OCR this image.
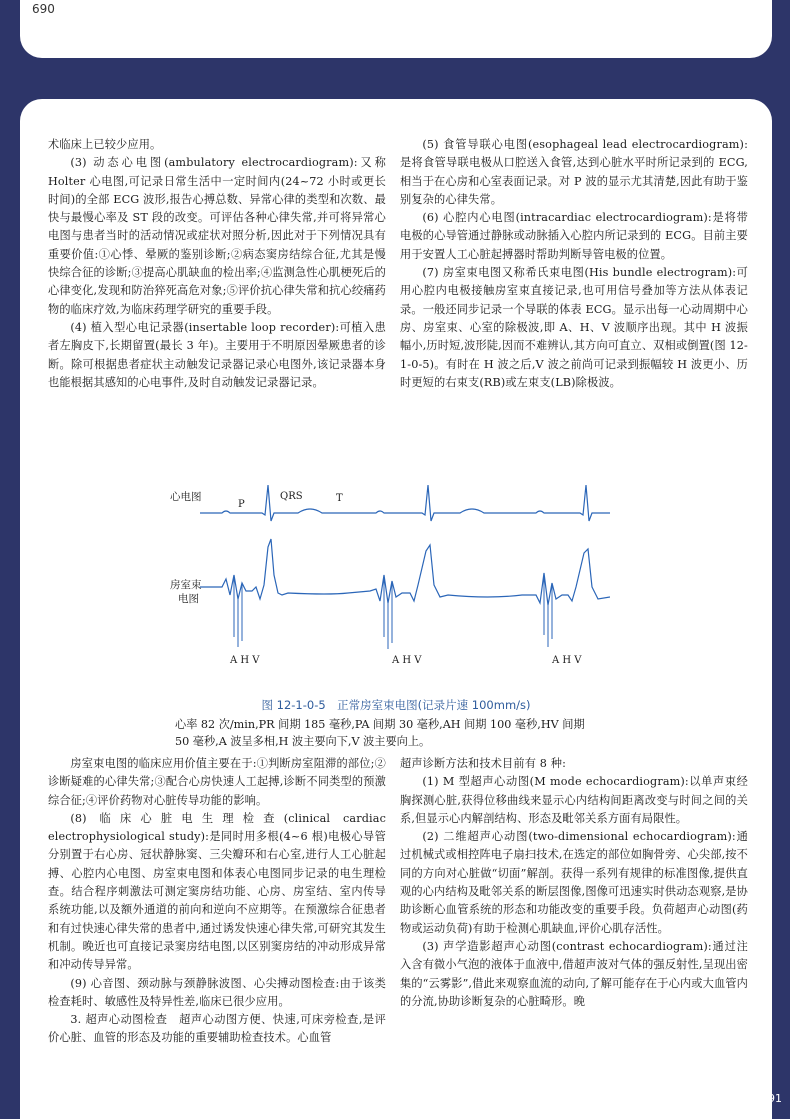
690

术临床上已较少应用。

(3) 动态心电图(ambulatory electrocardiogram):又称 Holter 心电图,可记录日常生活中一定时间内(24~72 小时或更长时间)的全部 ECG 波形,报告心搏总数、异常心律的类型和次数、最快与最慢心率及 ST 段的改变。可评估各种心律失常,并可将异常心电图与患者当时的活动情况或症状对照分析,因此对于下列情况具有重要价值:①心悸、晕厥的鉴别诊断;②病态窦房结综合征,尤其是慢快综合征的诊断;③提高心肌缺血的检出率;④监测急性心肌梗死后的心律变化,发现和防治猝死高危对象;⑤评价抗心律失常和抗心绞痛药物的临床疗效,为临床药理学研究的重要手段。

(4) 植入型心电记录器(insertable loop recorder):可植入患者左胸皮下,长期留置(最长 3 年)。主要用于不明原因晕厥患者的诊断。除可根据患者症状主动触发记录器记录心电图外,该记录器本身也能根据其感知的心电事件,及时自动触发记录器记录。

(5) 食管导联心电图(esophageal lead electrocardiogram):是将食管导联电极从口腔送入食管,达到心脏水平时所记录到的 ECG,相当于在心房和心室表面记录。对 P 波的显示尤其清楚,因此有助于鉴别复杂的心律失常。

(6) 心腔内心电图(intracardiac electrocardiogram):是将带电极的心导管通过静脉或动脉插入心腔内所记录到的 ECG。目前主要用于安置人工心脏起搏器时帮助判断导管电极的位置。

(7) 房室束电图又称希氏束电图(His bundle electrogram):可用心腔内电极接触房室束直接记录,也可用信号叠加等方法从体表记录。一般还同步记录一个导联的体表 ECG。显示出每一心动周期中心房、房室束、心室的除极波,即 A、H、V 波顺序出现。其中 H 波振幅小,历时短,波形陡,因而不难辨认,其方向可直立、双相或倒置(图 12-1-0-5)。有时在 H 波之后,V 波之前尚可记录到振幅较 H 波更小、历时更短的右束支(RB)或左束支(LB)除极波。

心电图
P
QRS	T
房室束
电图
A H V	A H V	A H V
图 12-1-0-5　正常房室束电图(记录片速 100mm/s)
心率 82 次/min,PR 间期 185 毫秒,PA 间期 30 毫秒,AH 间期 100 毫秒,HV 间期
50 毫秒,A 波呈多相,H 波主要向下,V 波主要向上。

房室束电图的临床应用价值主要在于:①判断房室阻滞的部位;②诊断疑难的心律失常;③配合心房快速人工起搏,诊断不同类型的预激综合征;④评价药物对心脏传导功能的影响。

(8) 临床心脏电生理检查(clinical cardiac electrophysiological study):是同时用多根(4~6 根)电极心导管分别置于右心房、冠状静脉窦、三尖瓣环和右心室,进行人工心脏起搏、心腔内心电图、房室束电图和体表心电图同步记录的电生理检查。结合程序刺激法可测定窦房结功能、心房、房室结、室内传导系统功能,以及额外通道的前向和逆向不应期等。在预激综合征患者和有过快速心律失常的患者中,通过诱发快速心律失常,可研究其发生机制。晚近也可直接记录窦房结电图,以区别窦房结的冲动形成异常和冲动传导异常。

(9) 心音图、颈动脉与颈静脉波图、心尖搏动图检查:由于该类检查耗时、敏感性及特异性差,临床已很少应用。

3. 超声心动图检查　超声心动图方便、快速,可床旁检查,是评价心脏、血管的形态及功能的重要辅助检查技术。心血管

超声诊断方法和技术目前有 8 种:

(1) M 型超声心动图(M mode echocardiogram):以单声束经胸探测心脏,获得位移曲线来显示心内结构间距离改变与时间之间的关系,但显示心内解剖结构、形态及毗邻关系方面有局限性。

(2) 二维超声心动图(two-dimensional echocardiogram):通过机械式或相控阵电子扇扫技术,在选定的部位如胸骨旁、心尖部,按不同的方向对心脏做“切面”解剖。获得一系列有规律的标准图像,提供直观的心内结构及毗邻关系的断层图像,图像可迅速实时供动态观察,是协助诊断心血管系统的形态和功能改变的重要手段。负荷超声心动图(药物或运动负荷)有助于检测心肌缺血,评价心肌存活性。

(3) 声学造影超声心动图(contrast echocardiogram):通过注入含有微小气泡的液体于血液中,借超声波对气体的强反射性,呈现出密集的“云雾影”,借此来观察血流的动向,了解可能存在于心内或大血管内的分流,协助诊断复杂的心脏畸形。晚

691
